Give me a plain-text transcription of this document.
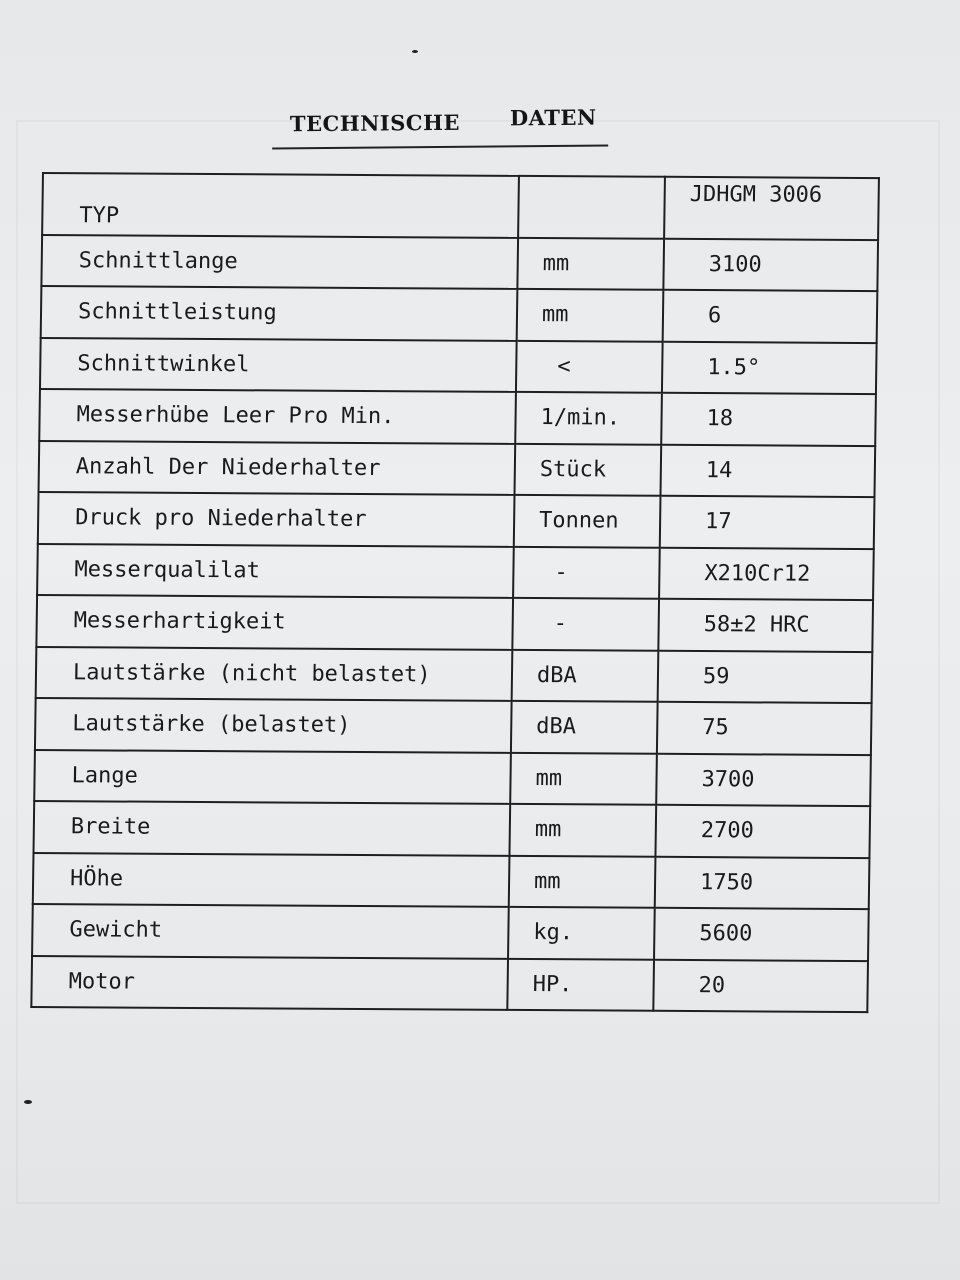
TECHNISCHE DATEN
TYP		JDHGM 3006
Schnittlange	mm	3100
Schnittleistung	mm	6
Schnittwinkel	<	1.5°
Messerhübe Leer Pro Min.	1/min.	18
Anzahl Der Niederhalter	Stück	14
Druck pro Niederhalter	Tonnen	17
Messerqualilat	-	X210Cr12
Messerhartigkeit	-	58±2 HRC
Lautstärke (nicht belastet)	dBA	59
Lautstärke (belastet)	dBA	75
Lange	mm	3700
Breite	mm	2700
HÖhe	mm	1750
Gewicht	kg.	5600
Motor	HP.	20
